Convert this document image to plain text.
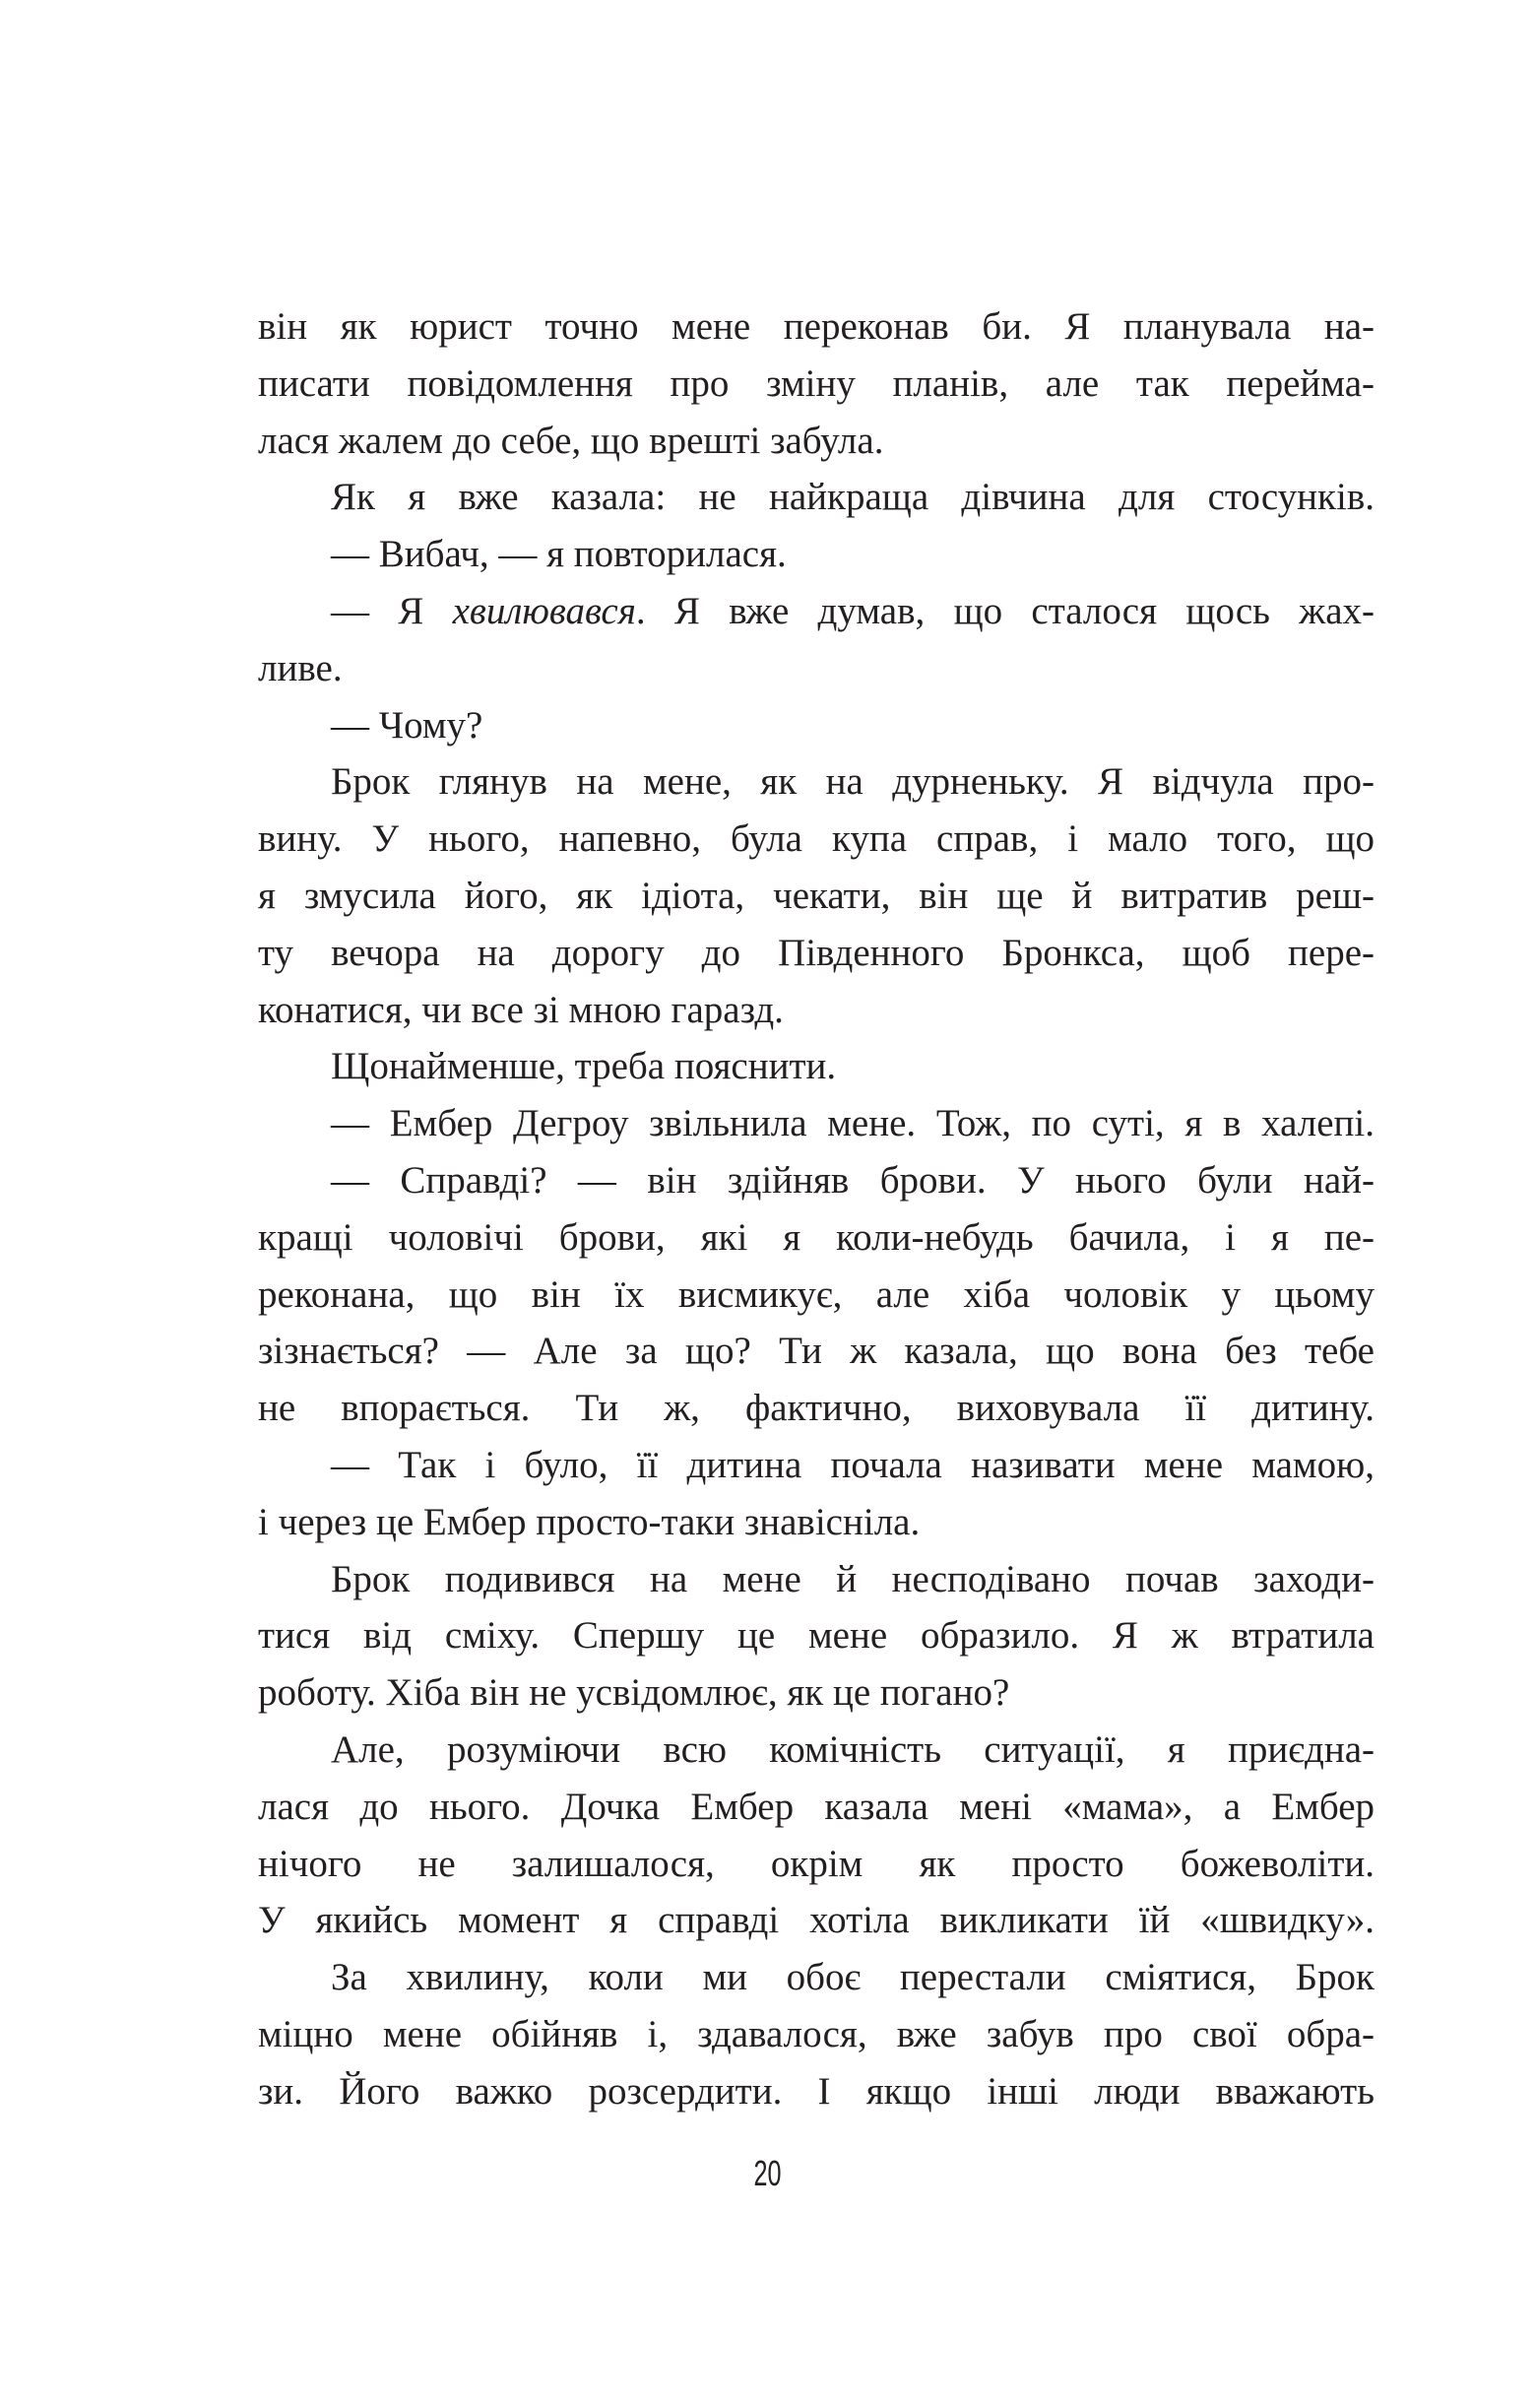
він як юрист точно мене переконав би. Я планувала на-
писати повідомлення про зміну планів, але так перейма-
лася жалем до себе, що врешті забула.
Як я вже казала: не найкраща дівчина для стосунків.
— Вибач, — я повторилася.
— Я хвилювався. Я вже думав, що сталося щось жах-
ливе.
— Чому?
Брок глянув на мене, як на дурненьку. Я відчула про-
вину. У нього, напевно, була купа справ, і мало того, що
я змусила його, як ідіота, чекати, він ще й витратив реш-
ту вечора на дорогу до Південного Бронкса, щоб пере-
конатися, чи все зі мною гаразд.
Щонайменше, треба пояснити.
— Ембер Дегроу звільнила мене. Тож, по суті, я в халепі.
— Справді? — він здійняв брови. У нього були най-
кращі чоловічі брови, які я коли-небудь бачила, і я пе-
реконана, що він їх висмикує, але хіба чоловік у цьому
зізнається? — Але за що? Ти ж казала, що вона без тебе
не впорається. Ти ж, фактично, виховувала її дитину.
— Так і було, її дитина почала називати мене мамою,
і через це Ембер просто-таки знавісніла.
Брок подивився на мене й несподівано почав заходи-
тися від сміху. Спершу це мене образило. Я ж втратила
роботу. Хіба він не усвідомлює, як це погано?
Але, розуміючи всю комічність ситуації, я приєдна-
лася до нього. Дочка Ембер казала мені «мама», а Ембер
нічого не залишалося, окрім як просто божеволіти.
У якийсь момент я справді хотіла викликати їй «швидку».
За хвилину, коли ми обоє перестали сміятися, Брок
міцно мене обійняв і, здавалося, вже забув про свої обра-
зи. Його важко розсердити. І якщо інші люди вважають
20
